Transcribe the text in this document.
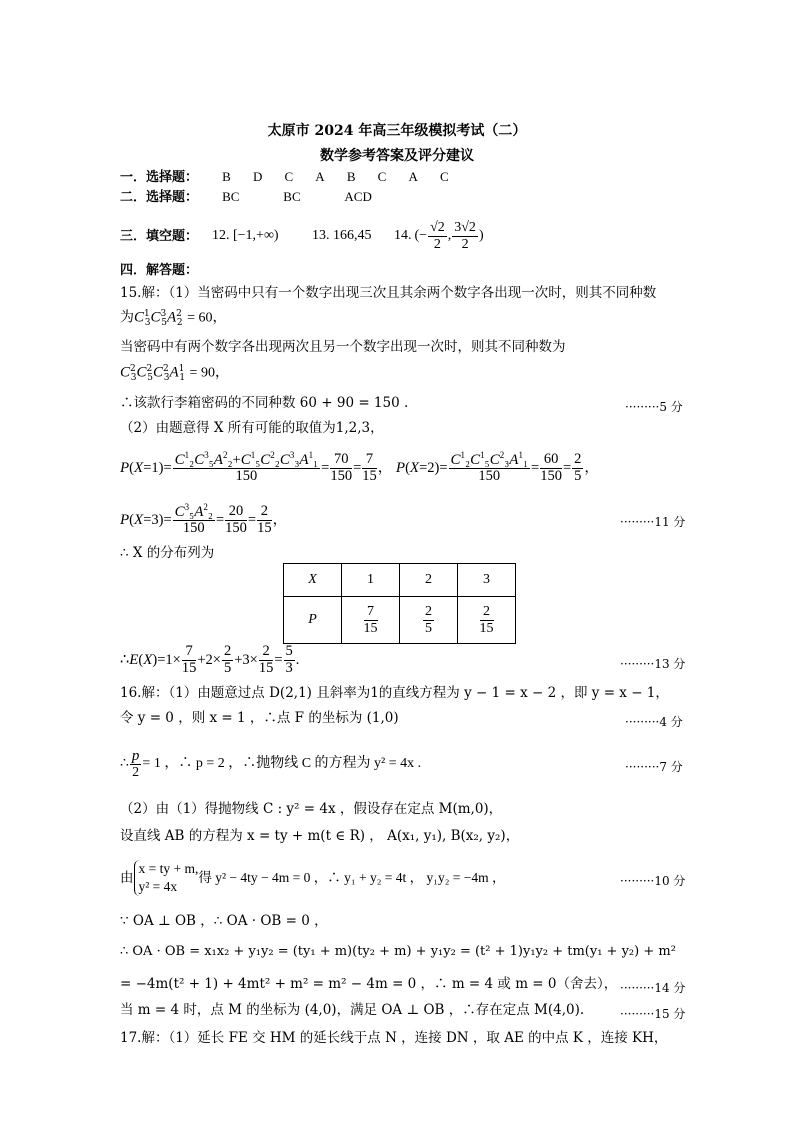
太原市 2024 年高三年级模拟考试（二）
数学参考答案及评分建议
一．选择题： B D C A B C A C
二．选择题： BC	BC	ACD
三．填空题： 12. [−1,+∞)	13. 166,45	14. (− $\frac{√2}{2}$ , $\frac{3√2}{2}$ )
四．解答题：
15.解：（1）当密码中只有一个数字出现三次且其余两个数字各出现一次时，则其不同种数
为$C^1_3C^3_5A^2_2 = 60$，
当密码中有两个数字各出现两次且另一个数字出现一次时，则其不同种数为
$C^2_3C^2_5C^2_3A^1_1 = 90$，
∴该款行李箱密码的不同种数 60 + 90 = 150 .	·········5 分
（2）由题意得 X 所有可能的取值为1,2,3，
P ( $X =1)= \frac{C^1_2C^3_5A^2_2+C^1_5C^2_2C^3_3A^1_1}{150} = \frac{70}{150} = \frac{7}{15}$ ， P ( $X =2)= \frac{C^1_2C^1_5C^2_3A^1_1}{150} = \frac{60}{150} = \frac{2}{5}$ ，
P ( $X =3)= \frac{C^3_5A^2_2}{150} = \frac{20}{150} = \frac{2}{15}$ ，	·········11 分
∴ X 的分布列为
X	1	2	3
P	$\frac{7}{15}$	$\frac{2}{5}$	$\frac{2}{15}$
∴ E ( X )$=1\times \frac{7}{15} +2\times \frac{2}{5} +3\times \frac{2}{15} = \frac{5}{3}$ .	·········13 分
16.解：（1）由题意过点 D(2,1) 且斜率为1的直线方程为 y − 1 = x − 2 ，即 y = x − 1，
令 y = 0 ，则 x = 1 ，∴点 F 的坐标为 (1,0)	·········4 分
∴ $\frac{p}{2} = 1$ ，∴ p = 2 ，∴抛物线 C 的方程为 y² = 4x .	·········7 分
（2）由（1）得抛物线 C : y² = 4x ，假设存在定点 M(m,0)，
设直线 AB 的方程为 x = ty + m(t ∈ R) ， A(x₁, y₁), B(x₂, y₂)，
由
x = ty + m,
y² = 4x
得 y² − 4ty − 4m = 0 ，∴ y₁ + y₂ = 4t ， y₁y₂ = −4m ，	·········10 分
∵ OA ⊥ OB ，∴ OA · OB = 0 ，
∴ OA · OB = x₁x₂ + y₁y₂ = (ty₁ + m)(ty₂ + m) + y₁y₂ = (t² + 1)y₁y₂ + tm(y₁ + y₂) + m²
= −4m(t² + 1) + 4mt² + m² = m² − 4m = 0 ，∴ m = 4 或 m = 0（舍去）， ·········14 分
当 m = 4 时，点 M 的坐标为 (4,0)，满足 OA ⊥ OB ，∴存在定点 M(4,0).	·········15 分
17.解：（1）延长 FE 交 HM 的延长线于点 N ，连接 DN ，取 AE 的中点 K ，连接 KH，
